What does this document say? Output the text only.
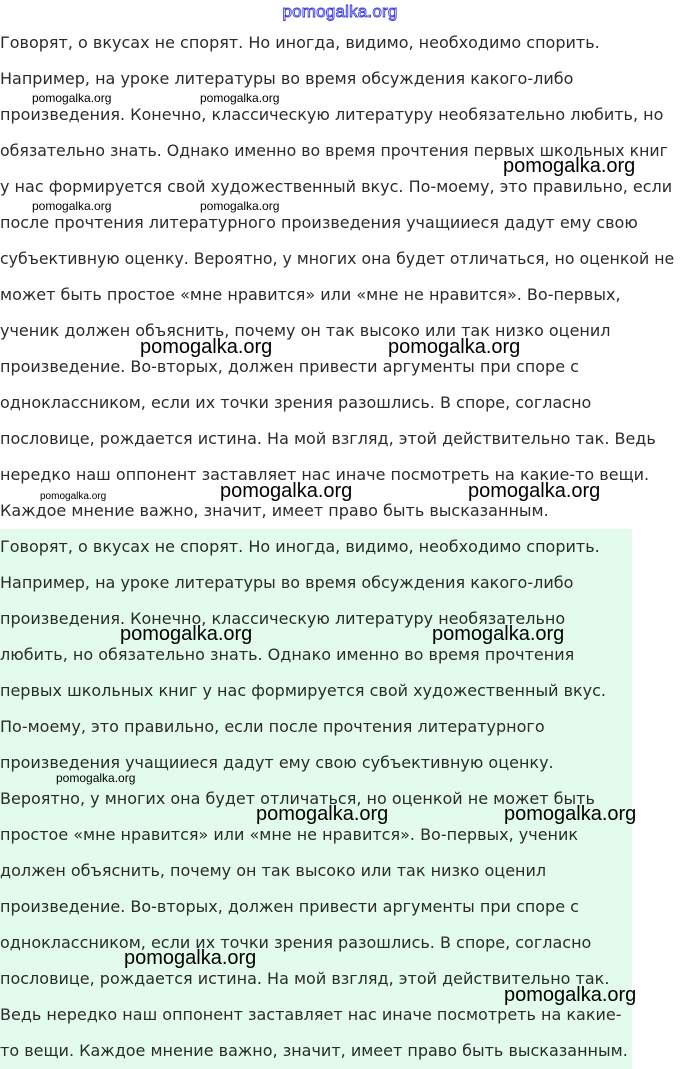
pomogalka.org
Говорят, о вкусах не спорят. Но иногда, видимо, необходимо спорить.
Например, на уроке литературы во время обсуждения какого-либо
произведения. Конечно, классическую литературу необязательно любить, но
обязательно знать. Однако именно во время прочтения первых школьных книг
у нас формируется свой художественный вкус. По-моему, это правильно, если
после прочтения литературного произведения учащииеся дадут ему свою
субъективную оценку. Вероятно, у многих она будет отличаться, но оценкой не
может быть простое «мне нравится» или «мне не нравится». Во-первых,
ученик должен объяснить, почему он так высоко или так низко оценил
произведение. Во-вторых, должен привести аргументы при споре с
одноклассником, если их точки зрения разошлись. В споре, согласно
пословице, рождается истина. На мой взгляд, этой действительно так. Ведь
нередко наш оппонент заставляет нас иначе посмотреть на какие-то вещи.
Каждое мнение важно, значит, имеет право быть высказанным.
Говорят, о вкусах не спорят. Но иногда, видимо, необходимо спорить.
Например, на уроке литературы во время обсуждения какого-либо
произведения. Конечно, классическую литературу необязательно
любить, но обязательно знать. Однако именно во время прочтения
первых школьных книг у нас формируется свой художественный вкус.
По-моему, это правильно, если после прочтения литературного
произведения учащииеся дадут ему свою субъективную оценку.
Вероятно, у многих она будет отличаться, но оценкой не может быть
простое «мне нравится» или «мне не нравится». Во-первых, ученик
должен объяснить, почему он так высоко или так низко оценил
произведение. Во-вторых, должен привести аргументы при споре с
одноклассником, если их точки зрения разошлись. В споре, согласно
пословице, рождается истина. На мой взгляд, этой действительно так.
Ведь нередко наш оппонент заставляет нас иначе посмотреть на какие-
то вещи. Каждое мнение важно, значит, имеет право быть высказанным.
pomogalka.org	pomogalka.org
pomogalka.org
pomogalka.org	pomogalka.org
pomogalka.org	pomogalka.org
pomogalka.org	pomogalka.org	pomogalka.org
pomogalka.org	pomogalka.org
pomogalka.org
pomogalka.org	pomogalka.org
pomogalka.org
pomogalka.org
